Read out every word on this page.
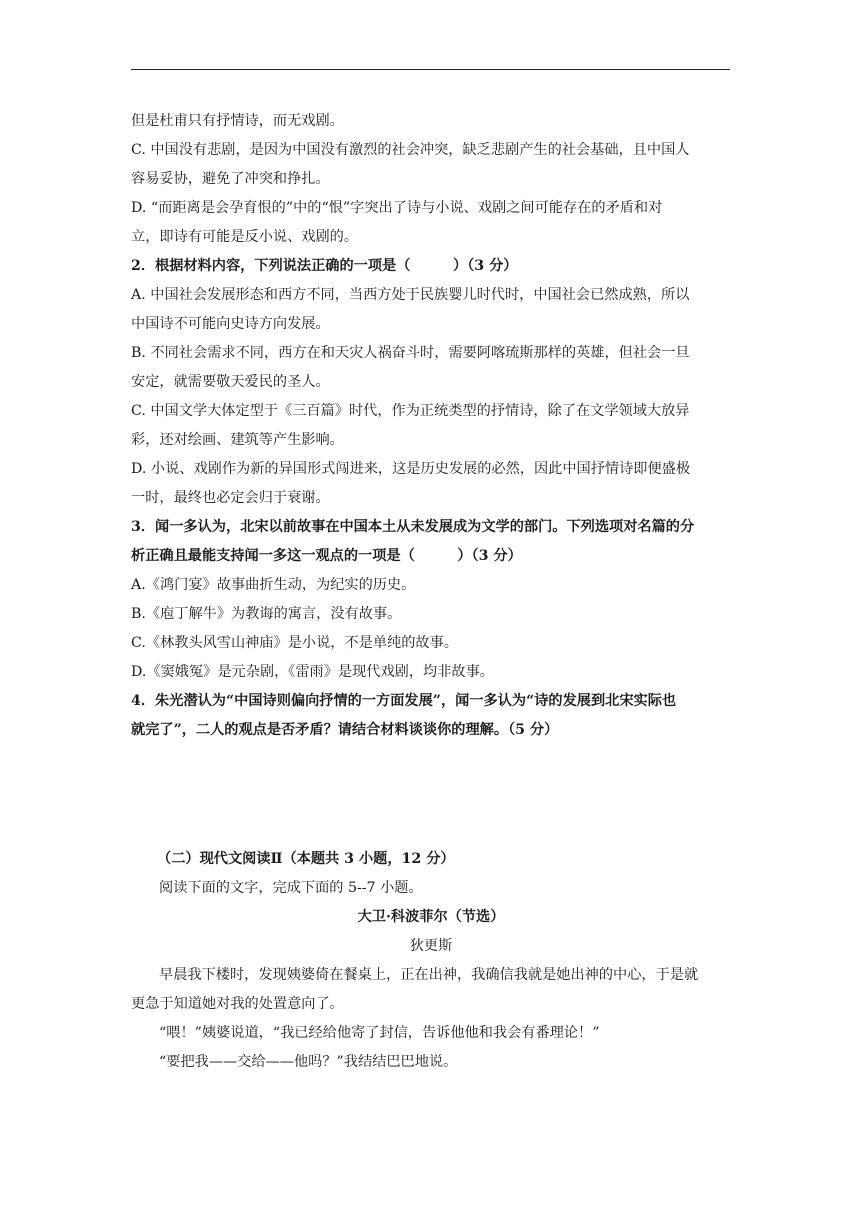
但是杜甫只有抒情诗，而无戏剧。

C. 中国没有悲剧，是因为中国没有激烈的社会冲突，缺乏悲剧产生的社会基础，且中国人

容易妥协，避免了冲突和挣扎。

D. “而距离是会孕育恨的”中的“恨”字突出了诗与小说、戏剧之间可能存在的矛盾和对

立，即诗有可能是反小说、戏剧的。

2．根据材料内容，下列说法正确的一项是（　　　）（3 分）

A. 中国社会发展形态和西方不同，当西方处于民族婴儿时代时，中国社会已然成熟，所以

中国诗不可能向史诗方向发展。

B. 不同社会需求不同，西方在和天灾人祸奋斗时，需要阿喀琉斯那样的英雄，但社会一旦

安定，就需要敬天爱民的圣人。

C. 中国文学大体定型于《三百篇》时代，作为正统类型的抒情诗，除了在文学领域大放异

彩，还对绘画、建筑等产生影响。

D. 小说、戏剧作为新的异国形式闯进来，这是历史发展的必然，因此中国抒情诗即便盛极

一时，最终也必定会归于衰谢。

3．闻一多认为，北宋以前故事在中国本土从未发展成为文学的部门。下列选项对名篇的分

析正确且最能支持闻一多这一观点的一项是（　　　）（3 分）

A.《鸿门宴》故事曲折生动，为纪实的历史。

B.《庖丁解牛》为教诲的寓言，没有故事。

C.《林教头风雪山神庙》是小说，不是单纯的故事。

D.《窦娥冤》是元杂剧，《雷雨》是现代戏剧，均非故事。

4．朱光潜认为“中国诗则偏向抒情的一方面发展”，闻一多认为“诗的发展到北宋实际也

就完了”，二人的观点是否矛盾？请结合材料谈谈你的理解。（5 分）

（二）现代文阅读Ⅱ（本题共 3 小题，12 分）

阅读下面的文字，完成下面的 5--7 小题。

大卫·科波菲尔（节选）

狄更斯

早晨我下楼时，发现姨婆倚在餐桌上，正在出神，我确信我就是她出神的中心，于是就

更急于知道她对我的处置意向了。

“喂！”姨婆说道，“我已经给他寄了封信，告诉他他和我会有番理论！”

“要把我——交给——他吗？”我结结巴巴地说。
